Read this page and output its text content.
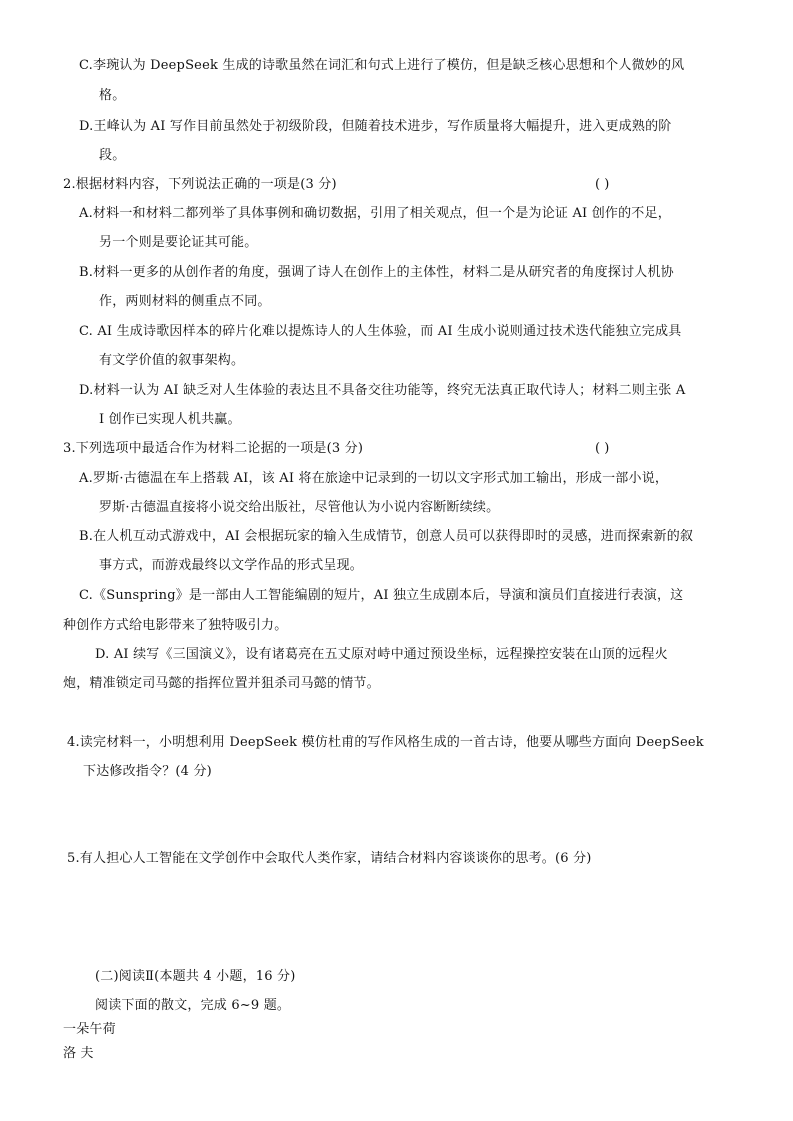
C.李琬认为 DeepSeek 生成的诗歌虽然在词汇和句式上进行了模仿，但是缺乏核心思想和个人微妙的风
格。
D.王峰认为 AI 写作目前虽然处于初级阶段，但随着技术进步，写作质量将大幅提升，进入更成熟的阶
段。
2.根据材料内容，下列说法正确的一项是(3 分)	( )
A.材料一和材料二都列举了具体事例和确切数据，引用了相关观点，但一个是为论证 AI 创作的不足，
另一个则是要论证其可能。
B.材料一更多的从创作者的角度，强调了诗人在创作上的主体性，材料二是从研究者的角度探讨人机协
作，两则材料的侧重点不同。
C. AI 生成诗歌因样本的碎片化难以提炼诗人的人生体验，而 AI 生成小说则通过技术迭代能独立完成具
有文学价值的叙事架构。
D.材料一认为 AI 缺乏对人生体验的表达且不具备交往功能等，终究无法真正取代诗人；材料二则主张 A
I 创作已实现人机共赢。
3.下列选项中最适合作为材料二论据的一项是(3 分)	( )
A.罗斯·古德温在车上搭载 AI，该 AI 将在旅途中记录到的一切以文字形式加工输出，形成一部小说，
罗斯·古德温直接将小说交给出版社，尽管他认为小说内容断断续续。
B.在人机互动式游戏中，AI 会根据玩家的输入生成情节，创意人员可以获得即时的灵感，进而探索新的叙
事方式，而游戏最终以文学作品的形式呈现。
C.《Sunspring》是一部由人工智能编剧的短片，AI 独立生成剧本后，导演和演员们直接进行表演，这
种创作方式给电影带来了独特吸引力。
D. AI 续写《三国演义》，设有诸葛亮在五丈原对峙中通过预设坐标，远程操控安装在山顶的远程火
炮，精准锁定司马懿的指挥位置并狙杀司马懿的情节。
4.读完材料一，小明想利用 DeepSeek 模仿杜甫的写作风格生成的一首古诗，他要从哪些方面向 DeepSeek
下达修改指令？(4 分)
5.有人担心人工智能在文学创作中会取代人类作家，请结合材料内容谈谈你的思考。(6 分)
(二)阅读Ⅱ(本题共 4 小题，16 分)
阅读下面的散文，完成 6~9 题。
一朵午荷
洛 夫
